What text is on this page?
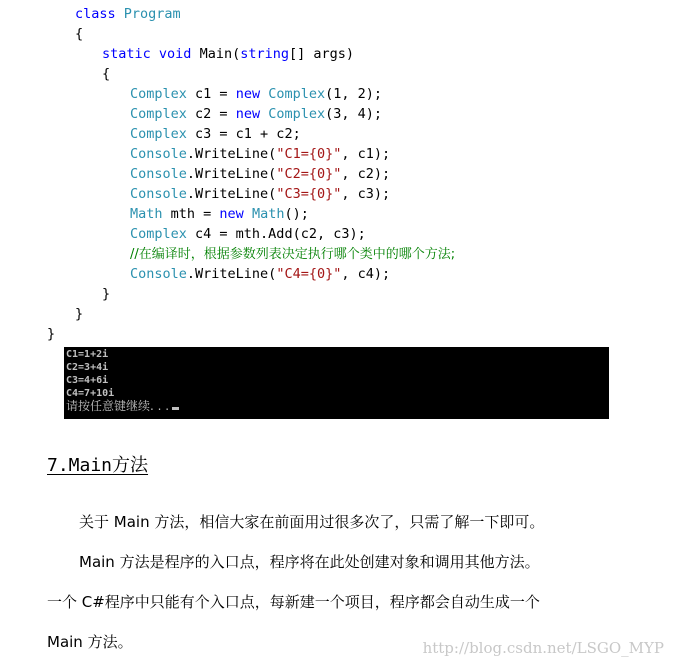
class Program
{
static void Main(string[] args)
{
Complex c1 = new Complex(1, 2);
Complex c2 = new Complex(3, 4);
Complex c3 = c1 + c2;
Console.WriteLine("C1={0}", c1);
Console.WriteLine("C2={0}", c2);
Console.WriteLine("C3={0}", c3);
Math mth = new Math();
Complex c4 = mth.Add(c2, c3);
//在编译时，根据参数列表决定执行哪个类中的哪个方法;
Console.WriteLine("C4={0}", c4);
}
}
}
C1=1+2i
C2=3+4i
C3=4+6i
C4=7+10i
请按任意键继续. . .
7.Main方法
关于 Main 方法，相信大家在前面用过很多次了，只需了解一下即可。
Main 方法是程序的入口点，程序将在此处创建对象和调用其他方法。
一个 C#程序中只能有个入口点，每新建一个项目，程序都会自动生成一个
Main 方法。	http://blog.csdn.net/LSGO_MYP
